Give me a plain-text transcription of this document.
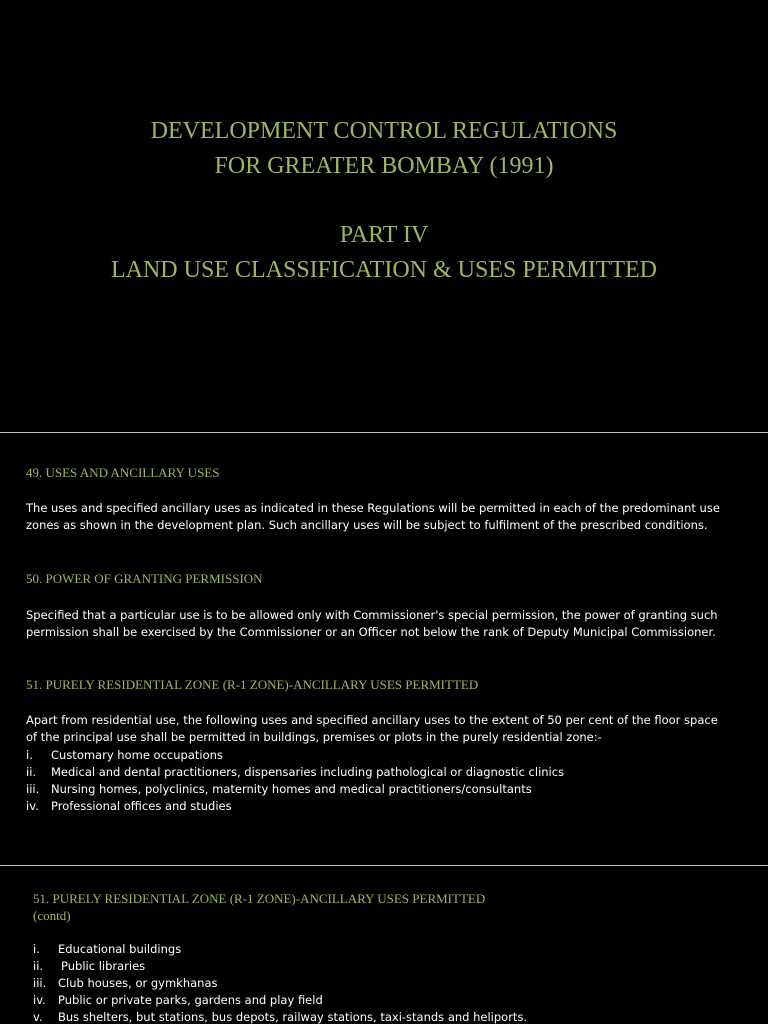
DEVELOPMENT CONTROL REGULATIONS
FOR GREATER BOMBAY (1991)
PART IV
LAND USE CLASSIFICATION & USES PERMITTED
49. USES AND ANCILLARY USES
The uses and specified ancillary uses as indicated in these Regulations will be permitted in each of the predominant use zones as shown in the development plan. Such ancillary uses will be subject to fulfilment of the prescribed conditions.
50. POWER OF GRANTING PERMISSION
Specified that a particular use is to be allowed only with Commissioner's special permission, the power of granting such permission shall be exercised by the Commissioner or an Officer not below the rank of Deputy Municipal Commissioner.
51. PURELY RESIDENTIAL ZONE (R-1 ZONE)-ANCILLARY USES PERMITTED
Apart from residential use, the following uses and specified ancillary uses to the extent of 50 per cent of the floor space of the principal use shall be permitted in buildings, premises or plots in the purely residential zone:-
i. Customary home occupations
ii. Medical and dental practitioners, dispensaries including pathological or diagnostic clinics
iii. Nursing homes, polyclinics, maternity homes and medical practitioners/consultants
iv. Professional offices and studies
51. PURELY RESIDENTIAL ZONE (R-1 ZONE)-ANCILLARY USES PERMITTED
(contd)
i. Educational buildings
ii. Public libraries
iii. Club houses, or gymkhanas
iv. Public or private parks, gardens and play field
v. Bus shelters, but stations, bus depots, railway stations, taxi-stands and heliports.
